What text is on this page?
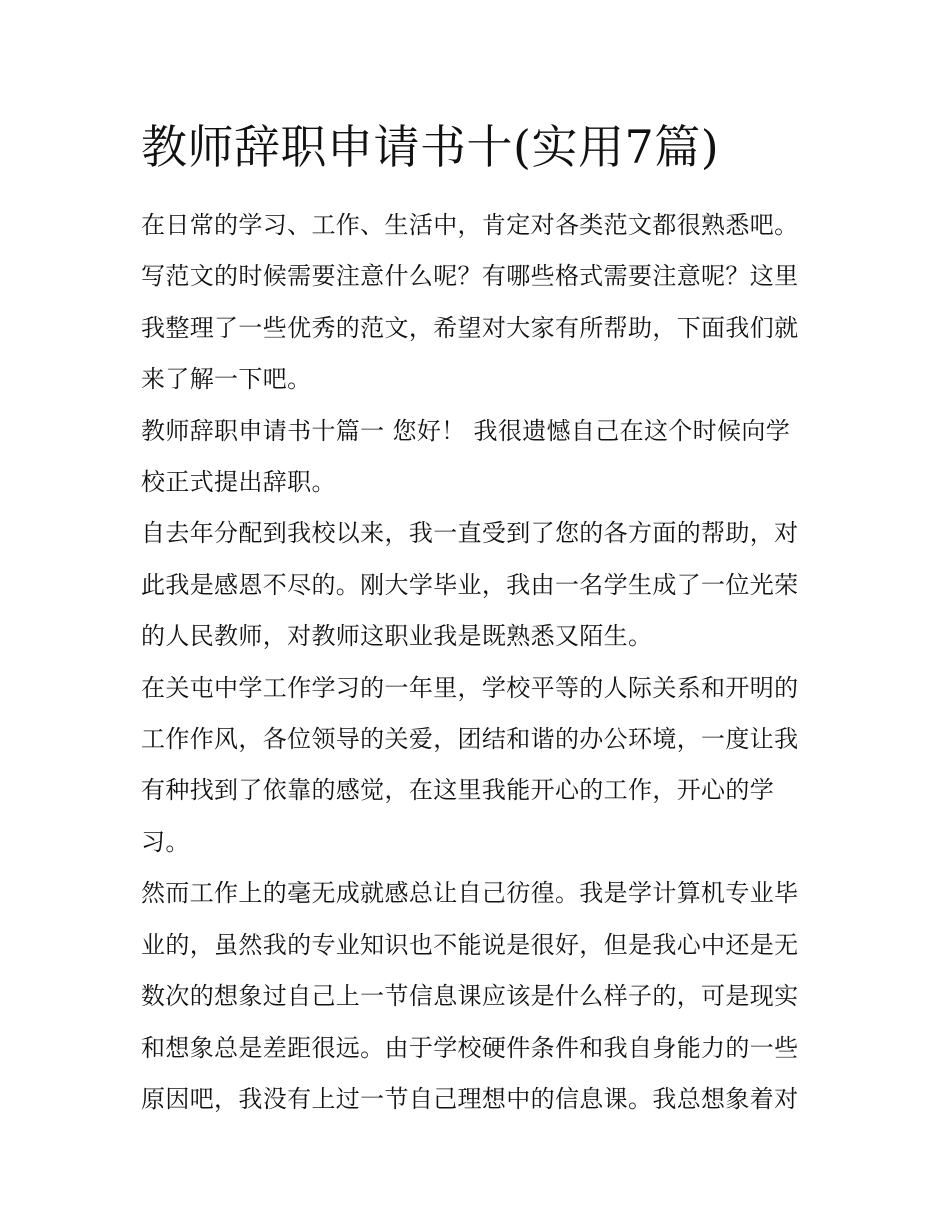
教师辞职申请书十(实用7篇)

在日常的学习、工作、生活中，肯定对各类范文都很熟悉吧。写范文的时候需要注意什么呢？有哪些格式需要注意呢？这里我整理了一些优秀的范文，希望对大家有所帮助，下面我们就来了解一下吧。

教师辞职申请书十篇一 您好！ 我很遗憾自己在这个时候向学校正式提出辞职。

自去年分配到我校以来，我一直受到了您的各方面的帮助，对此我是感恩不尽的。刚大学毕业，我由一名学生成了一位光荣的人民教师，对教师这职业我是既熟悉又陌生。

在关屯中学工作学习的一年里，学校平等的人际关系和开明的工作作风，各位领导的关爱，团结和谐的办公环境，一度让我有种找到了依靠的感觉，在这里我能开心的工作，开心的学习。

然而工作上的毫无成就感总让自己彷徨。我是学计算机专业毕业的，虽然我的专业知识也不能说是很好，但是我心中还是无数次的想象过自己上一节信息课应该是什么样子的，可是现实和想象总是差距很远。由于学校硬件条件和我自身能力的一些原因吧，我没有上过一节自己理想中的信息课。我总想象着对
